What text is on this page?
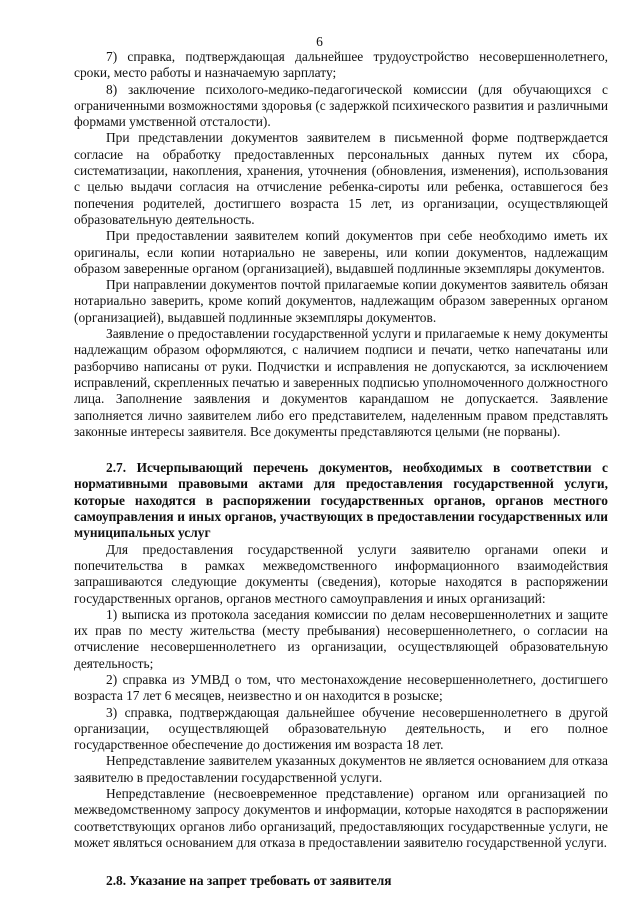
6

7) справка, подтверждающая дальнейшее трудоустройство несовершеннолетнего, сроки, место работы и назначаемую зарплату;

8) заключение психолого-медико-педагогической комиссии (для обучающихся с ограниченными возможностями здоровья (с задержкой психического развития и различными формами умственной отсталости).

При представлении документов заявителем в письменной форме подтверждается согласие на обработку предоставленных персональных данных путем их сбора, систематизации, накопления, хранения, уточнения (обновления, изменения), использования с целью выдачи согласия на отчисление ребенка-сироты или ребенка, оставшегося без попечения родителей, достигшего возраста 15 лет, из организации, осуществляющей образовательную деятельность.

При предоставлении заявителем копий документов при себе необходимо иметь их оригиналы, если копии нотариально не заверены, или копии документов, надлежащим образом заверенные органом (организацией), выдавшей подлинные экземпляры документов.

При направлении документов почтой прилагаемые копии документов заявитель обязан нотариально заверить, кроме копий документов, надлежащим образом заверенных органом (организацией), выдавшей подлинные экземпляры документов.

Заявление о предоставлении государственной услуги и прилагаемые к нему документы надлежащим образом оформляются, с наличием подписи и печати, четко напечатаны или разборчиво написаны от руки. Подчистки и исправления не допускаются, за исключением исправлений, скрепленных печатью и заверенных подписью уполномоченного должностного лица. Заполнение заявления и документов карандашом не допускается. Заявление заполняется лично заявителем либо его представителем, наделенным правом представлять законные интересы заявителя. Все документы представляются целыми (не порваны).

2.7. Исчерпывающий перечень документов, необходимых в соответствии с нормативными правовыми актами для предоставления государственной услуги, которые находятся в распоряжении государственных органов, органов местного самоуправления и иных органов, участвующих в предоставлении государственных или муниципальных услуг

Для предоставления государственной услуги заявителю органами опеки и попечительства в рамках межведомственного информационного взаимодействия запрашиваются следующие документы (сведения), которые находятся в распоряжении государственных органов, органов местного самоуправления и иных организаций:

1) выписка из протокола заседания комиссии по делам несовершеннолетних и защите их прав по месту жительства (месту пребывания) несовершеннолетнего, о согласии на отчисление несовершеннолетнего из организации, осуществляющей образовательную деятельность;

2) справка из УМВД о том, что местонахождение несовершеннолетнего, достигшего возраста 17 лет 6 месяцев, неизвестно и он находится в розыске;

3) справка, подтверждающая дальнейшее обучение несовершеннолетнего в другой организации, осуществляющей образовательную деятельность, и его полное государственное обеспечение до достижения им возраста 18 лет.

Непредставление заявителем указанных документов не является основанием для отказа заявителю в предоставлении государственной услуги.

Непредставление (несвоевременное представление) органом или организацией по межведомственному запросу документов и информации, которые находятся в распоряжении соответствующих органов либо организаций, предоставляющих государственные услуги, не может являться основанием для отказа в предоставлении заявителю государственной услуги.

2.8. Указание на запрет требовать от заявителя
